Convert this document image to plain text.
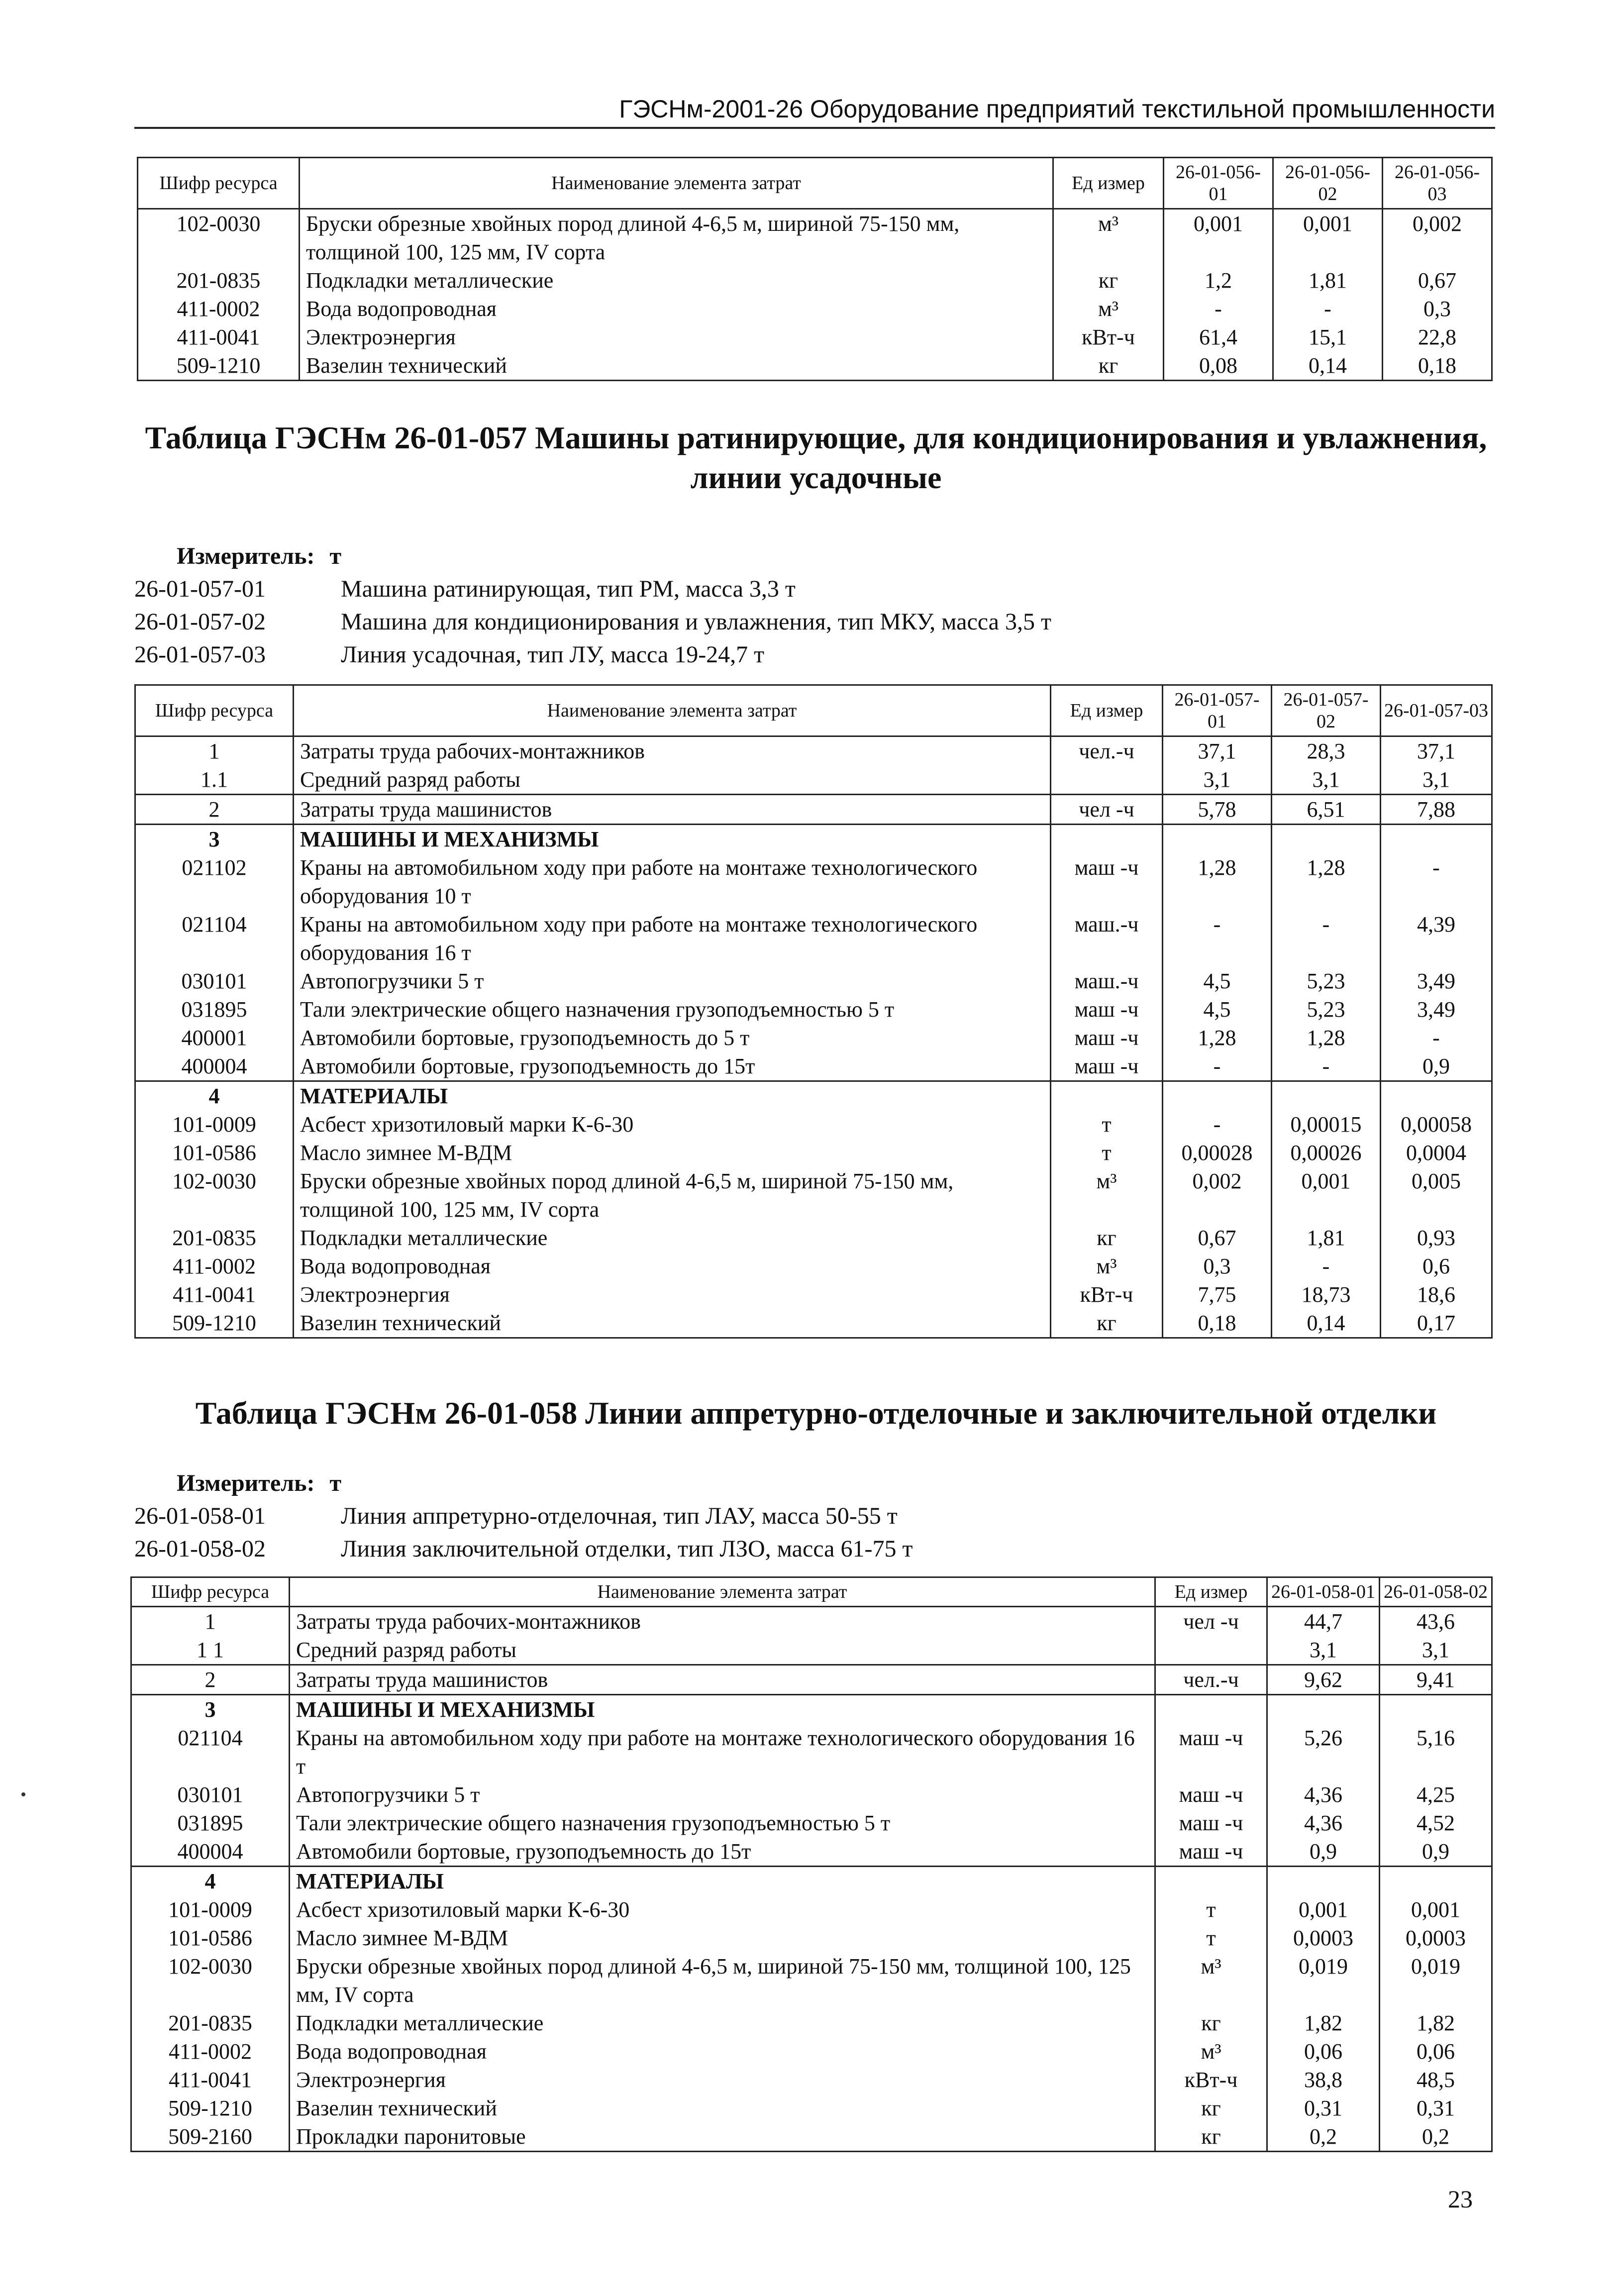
ГЭСНм-2001-26 Оборудование предприятий текстильной промышленности
Шифр ресурса	Наименование элемента затрат	Ед измер	26-01-056-01	26-01-056-02	26-01-056-03
102-0030	Бруски обрезные хвойных пород длиной 4-6,5 м, шириной 75-150 мм, толщиной 100, 125 мм, IV сорта	м³	0,001	0,001	0,002
201-0835	Подкладки металлические	кг	1,2	1,81	0,67
411-0002	Вода водопроводная	м³	-	-	0,3
411-0041	Электроэнергия	кВт-ч	61,4	15,1	22,8
509-1210	Вазелин технический	кг	0,08	0,14	0,18
Таблица ГЭСНм 26-01-057 Машины ратинирующие, для кондиционирования и увлажнения, линии усадочные
Измеритель: т
26-01-057-01	Машина ратинирующая, тип РМ, масса 3,3 т
26-01-057-02	Машина для кондиционирования и увлажнения, тип МКУ, масса 3,5 т
26-01-057-03	Линия усадочная, тип ЛУ, масса 19-24,7 т
Шифр ресурса	Наименование элемента затрат	Ед измер	26-01-057-01	26-01-057-02	26-01-057-03
1	Затраты труда рабочих-монтажников	чел.-ч	37,1	28,3	37,1
1.1	Средний разряд работы		3,1	3,1	3,1
2	Затраты труда машинистов	чел -ч	5,78	6,51	7,88
3	МАШИНЫ И МЕХАНИЗМЫ				
021102	Краны на автомобильном ходу при работе на монтаже технологического оборудования 10 т	маш -ч	1,28	1,28	-
021104	Краны на автомобильном ходу при работе на монтаже технологического оборудования 16 т	маш.-ч	-	-	4,39
030101	Автопогрузчики 5 т	маш.-ч	4,5	5,23	3,49
031895	Тали электрические общего назначения грузоподъемностью 5 т	маш -ч	4,5	5,23	3,49
400001	Автомобили бортовые, грузоподъемность до 5 т	маш -ч	1,28	1,28	-
400004	Автомобили бортовые, грузоподъемность до 15т	маш -ч	-	-	0,9
4	МАТЕРИАЛЫ				
101-0009	Асбест хризотиловый марки К-6-30	т	-	0,00015	0,00058
101-0586	Масло зимнее М-ВДМ	т	0,00028	0,00026	0,0004
102-0030	Бруски обрезные хвойных пород длиной 4-6,5 м, шириной 75-150 мм, толщиной 100, 125 мм, IV сорта	м³	0,002	0,001	0,005
201-0835	Подкладки металлические	кг	0,67	1,81	0,93
411-0002	Вода водопроводная	м³	0,3	-	0,6
411-0041	Электроэнергия	кВт-ч	7,75	18,73	18,6
509-1210	Вазелин технический	кг	0,18	0,14	0,17
Таблица ГЭСНм 26-01-058 Линии аппретурно-отделочные и заключительной отделки
Измеритель: т
26-01-058-01	Линия аппретурно-отделочная, тип ЛАУ, масса 50-55 т
26-01-058-02	Линия заключительной отделки, тип ЛЗО, масса 61-75 т
Шифр ресурса	Наименование элемента затрат	Ед измер	26-01-058-01	26-01-058-02
1	Затраты труда рабочих-монтажников	чел -ч	44,7	43,6
1 1	Средний разряд работы		3,1	3,1
2	Затраты труда машинистов	чел.-ч	9,62	9,41
3	МАШИНЫ И МЕХАНИЗМЫ			
021104	Краны на автомобильном ходу при работе на монтаже технологического оборудования 16 т	маш -ч	5,26	5,16
030101	Автопогрузчики 5 т	маш -ч	4,36	4,25
031895	Тали электрические общего назначения грузоподъемностью 5 т	маш -ч	4,36	4,52
400004	Автомобили бортовые, грузоподъемность до 15т	маш -ч	0,9	0,9
4	МАТЕРИАЛЫ			
101-0009	Асбест хризотиловый марки К-6-30	т	0,001	0,001
101-0586	Масло зимнее М-ВДМ	т	0,0003	0,0003
102-0030	Бруски обрезные хвойных пород длиной 4-6,5 м, шириной 75-150 мм, толщиной 100, 125 мм, IV сорта	м³	0,019	0,019
201-0835	Подкладки металлические	кг	1,82	1,82
411-0002	Вода водопроводная	м³	0,06	0,06
411-0041	Электроэнергия	кВт-ч	38,8	48,5
509-1210	Вазелин технический	кг	0,31	0,31
509-2160	Прокладки паронитовые	кг	0,2	0,2
23
